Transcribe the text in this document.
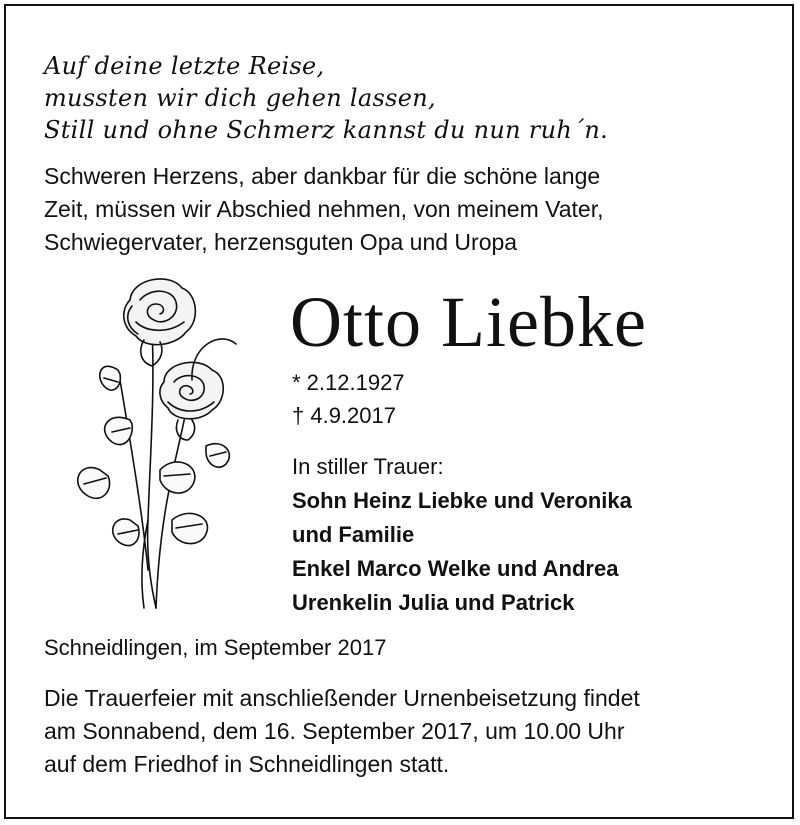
Auf deine letzte Reise,
mussten wir dich gehen lassen,
Still und ohne Schmerz kannst du nun ruh´n.
Schweren Herzens, aber dankbar für die schöne lange
Zeit, müssen wir Abschied nehmen, von meinem Vater,
Schwiegervater, herzensguten Opa und Uropa
Otto Liebke
* 2.12.1927
† 4.9.2017
In stiller Trauer:
Sohn Heinz Liebke und Veronika
und Familie
Enkel Marco Welke und Andrea
Urenkelin Julia und Patrick
Schneidlingen, im September 2017
Die Trauerfeier mit anschließender Urnenbeisetzung findet
am Sonnabend, dem 16. September 2017, um 10.00 Uhr
auf dem Friedhof in Schneidlingen statt.
